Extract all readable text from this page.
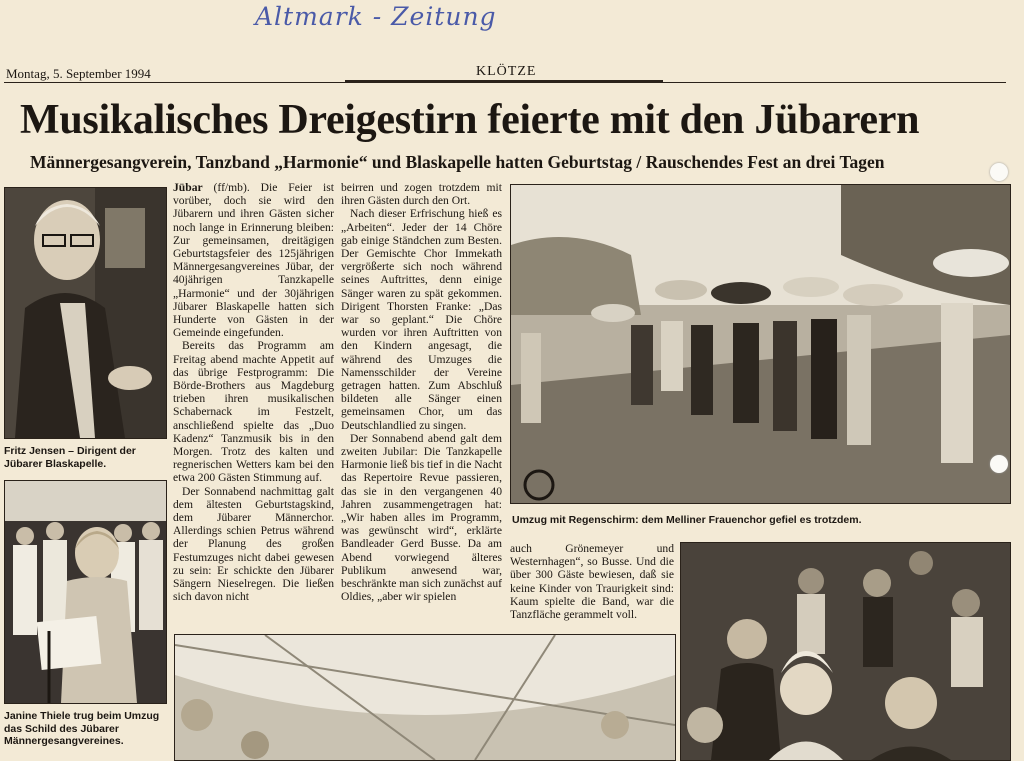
Altmark - Zeitung
Montag, 5. September 1994	KLÖTZE
Musikalisches Dreigestirn feierte mit den Jübarern
Männergesangverein, Tanzband „Harmonie“ und Blaskapelle hatten Geburtstag / Rauschendes Fest an drei Tagen
Fritz Jensen – Dirigent der Jübarer Blaskapelle.
Janine Thiele trug beim Umzug das Schild des Jübarer Männergesangvereines.
Umzug mit Regenschirm: dem Melliner Frauenchor gefiel es trotzdem.

Jübar (ff/mb). Die Feier ist vorüber, doch sie wird den Jübarern und ihren Gästen sicher noch lange in Erinnerung bleiben: Zur gemeinsamen, dreitägigen Geburtstagsfeier des 125jährigen Männergesangvereines Jübar, der 40jährigen Tanzkapelle „Harmonie“ und der 30jährigen Jübarer Blaskapelle hatten sich Hunderte von Gästen in der Gemeinde eingefunden.

Bereits das Programm am Freitag abend machte Appetit auf das übrige Festprogramm: Die Börde-Brothers aus Magdeburg trieben ihren musikalischen Schabernack im Festzelt, anschließend spielte das „Duo Kadenz“ Tanzmusik bis in den Morgen. Trotz des kalten und regnerischen Wetters kam bei den etwa 200 Gästen Stimmung auf.

Der Sonnabend nachmittag galt dem ältesten Geburtstagskind, dem Jübarer Männerchor. Allerdings schien Petrus während der Planung des großen Festumzuges nicht dabei gewesen zu sein: Er schickte den Jübarer Sängern Nieselregen. Die ließen sich davon nicht

beirren und zogen trotzdem mit ihren Gästen durch den Ort.

Nach dieser Erfrischung hieß es „Arbeiten“. Jeder der 14 Chöre gab einige Ständchen zum Besten. Der Gemischte Chor Immekath vergrößerte sich noch während seines Auftrittes, denn einige Sänger waren zu spät gekommen. Dirigent Thorsten Franke: „Das war so geplant.“ Die Chöre wurden vor ihren Auftritten von den Kindern angesagt, die während des Umzuges die Namensschilder der Vereine getragen hatten. Zum Abschluß bildeten alle Sänger einen gemeinsamen Chor, um das Deutschlandlied zu singen.

Der Sonnabend abend galt dem zweiten Jubilar: Die Tanzkapelle Harmonie ließ bis tief in die Nacht das Repertoire Revue passieren, das sie in den vergangenen 40 Jahren zusammengetragen hat: „Wir haben alles im Programm, was gewünscht wird“, erklärte Bandleader Gerd Busse. Da am Abend vorwiegend älteres Publikum anwesend war, beschränkte man sich zunächst auf Oldies, „aber wir spielen

auch Grönemeyer und Westernhagen“, so Busse. Und die über 300 Gäste bewiesen, daß sie keine Kinder von Traurigkeit sind: Kaum spielte die Band, war die Tanzfläche gerammelt voll.
